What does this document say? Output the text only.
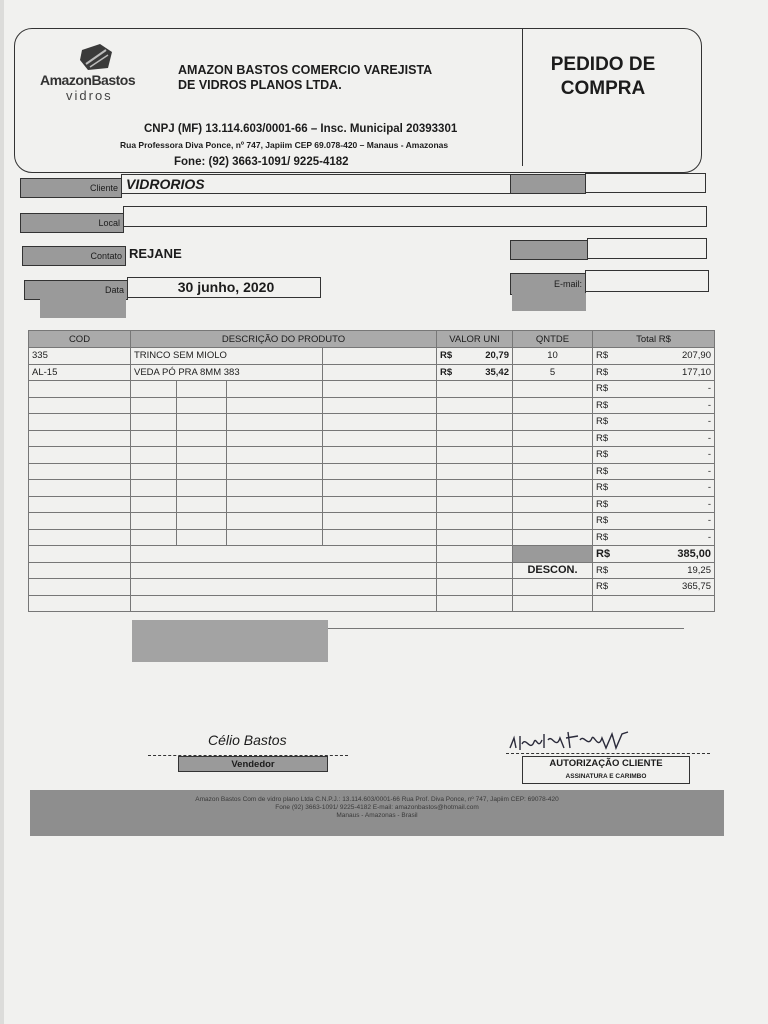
AmazonBastos
vidros
AMAZON BASTOS COMERCIO VAREJISTA
DE VIDROS PLANOS LTDA.
PEDIDO DE
COMPRA
CNPJ (MF) 13.114.603/0001-66 – Insc. Municipal 20393301
Rua Professora Diva Ponce, nº 747, Japiim CEP 69.078-420 – Manaus - Amazonas
Fone: (92) 3663-1091/ 9225-4182
Cliente VIDRORIOS
Local
Contato REJANE
Data	30 junho, 2020	E-mail:
COD	DESCRIÇÃO DO PRODUTO				VALOR UNI	QNTDE	Total R$
335	TRINCO SEM MIOLO				R$ 20,79	10	R$ 207,90

AL-15	VEDA PÓ PRA 8MM 383				R$ 35,42	5	R$ 177,10

							R$ -

							R$ -

							R$ -

							R$ -

							R$ -

							R$ -

							R$ -

							R$ -

							R$ -

							R$ -

							R$ 385,00

						DESCON.	R$ 19,25

							R$ 365,75

Célio Bastos
Vendedor	AUTORIZAÇÃO CLIENTE
ASSINATURA E CARIMBO
Amazon Bastos Com de vidro plano Ltda C.N.P.J.: 13.114.603/0001-66 Rua Prof. Diva Ponce, nº 747, Japiim CEP: 69078-420
Fone (92) 3663-1091/ 9225-4182 E-mail: amazonbastos@hotmail.com
Manaus - Amazonas - Brasil
